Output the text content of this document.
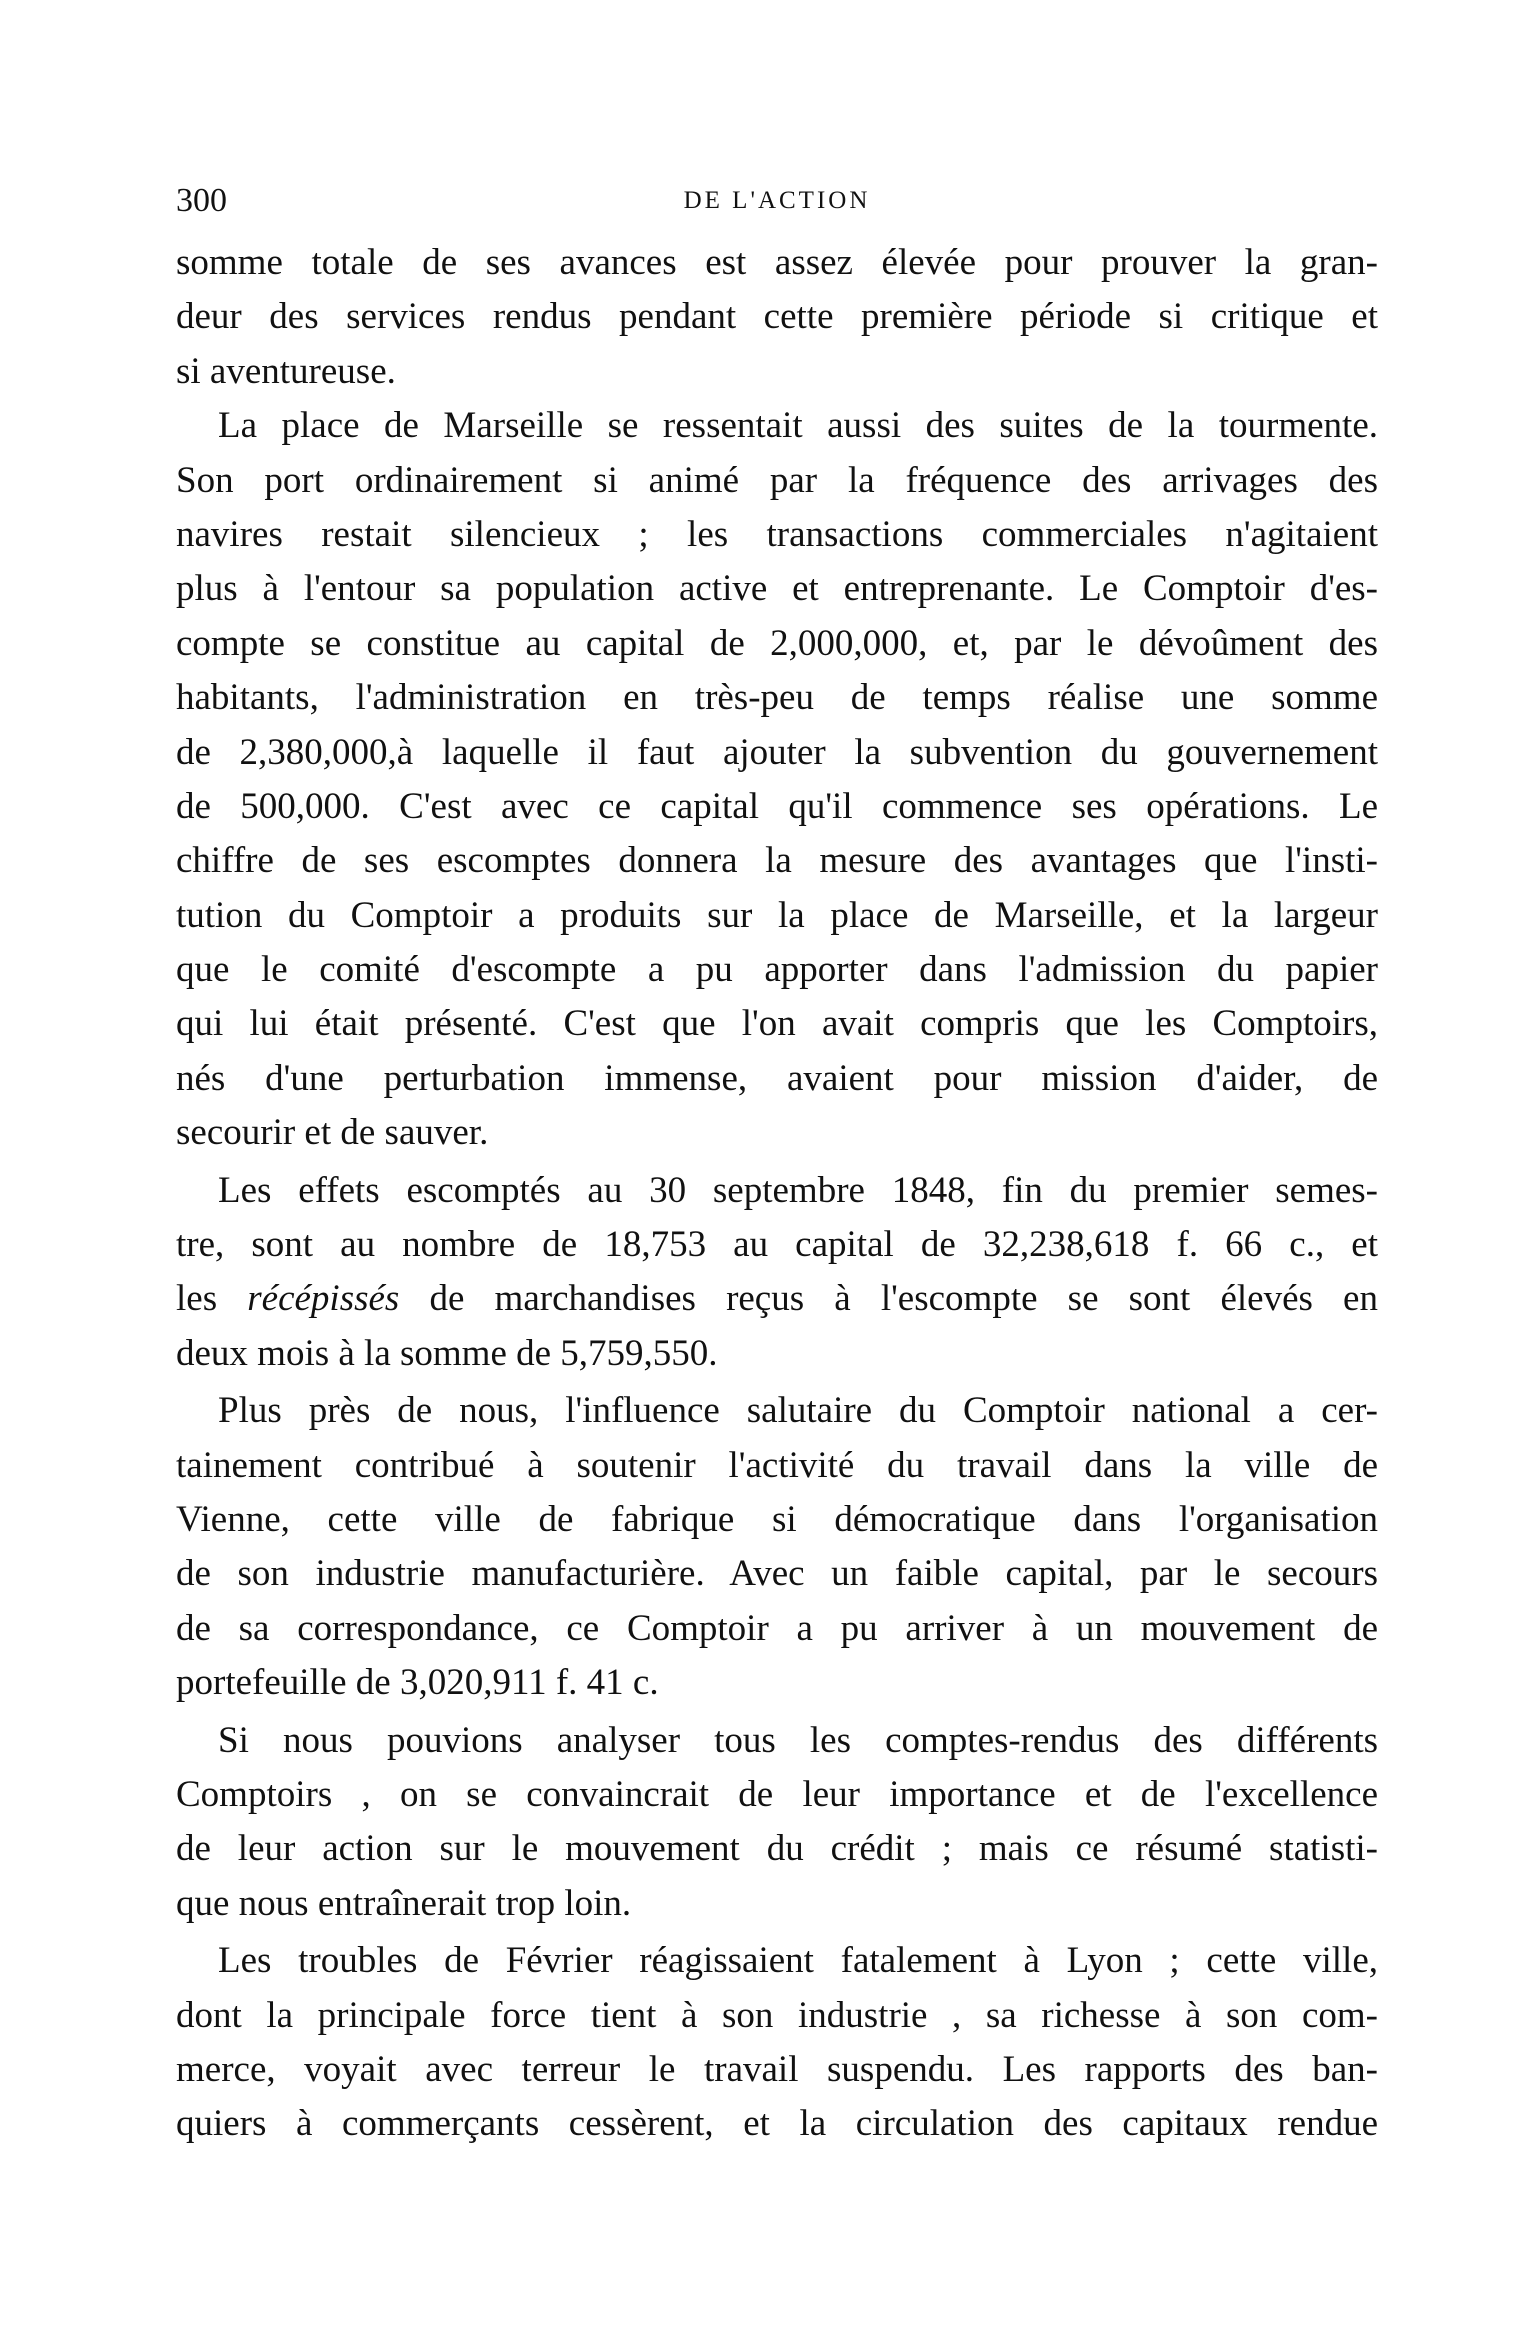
300	DE L'ACTION
somme totale de ses avances est assez élevée pour prouver la gran-
deur des services rendus pendant cette première période si critique et
si aventureuse.
La place de Marseille se ressentait aussi des suites de la tourmente.
Son port ordinairement si animé par la fréquence des arrivages des
navires restait silencieux ; les transactions commerciales n'agitaient
plus à l'entour sa population active et entreprenante. Le Comptoir d'es-
compte se constitue au capital de 2,000,000, et, par le dévoûment des
habitants, l'administration en très-peu de temps réalise une somme
de 2,380,000,à laquelle il faut ajouter la subvention du gouvernement
de 500,000. C'est avec ce capital qu'il commence ses opérations. Le
chiffre de ses escomptes donnera la mesure des avantages que l'insti-
tution du Comptoir a produits sur la place de Marseille, et la largeur
que le comité d'escompte a pu apporter dans l'admission du papier
qui lui était présenté. C'est que l'on avait compris que les Comptoirs,
nés d'une perturbation immense, avaient pour mission d'aider, de
secourir et de sauver.
Les effets escomptés au 30 septembre 1848, fin du premier semes-
tre, sont au nombre de 18,753 au capital de 32,238,618 f. 66 c., et
les récépissés de marchandises reçus à l'escompte se sont élevés en
deux mois à la somme de 5,759,550.
Plus près de nous, l'influence salutaire du Comptoir national a cer-
tainement contribué à soutenir l'activité du travail dans la ville de
Vienne, cette ville de fabrique si démocratique dans l'organisation
de son industrie manufacturière. Avec un faible capital, par le secours
de sa correspondance, ce Comptoir a pu arriver à un mouvement de
portefeuille de 3,020,911 f. 41 c.
Si nous pouvions analyser tous les comptes-rendus des différents
Comptoirs , on se convaincrait de leur importance et de l'excellence
de leur action sur le mouvement du crédit ; mais ce résumé statisti-
que nous entraînerait trop loin.
Les troubles de Février réagissaient fatalement à Lyon ; cette ville,
dont la principale force tient à son industrie , sa richesse à son com-
merce, voyait avec terreur le travail suspendu. Les rapports des ban-
quiers à commerçants cessèrent, et la circulation des capitaux rendue
